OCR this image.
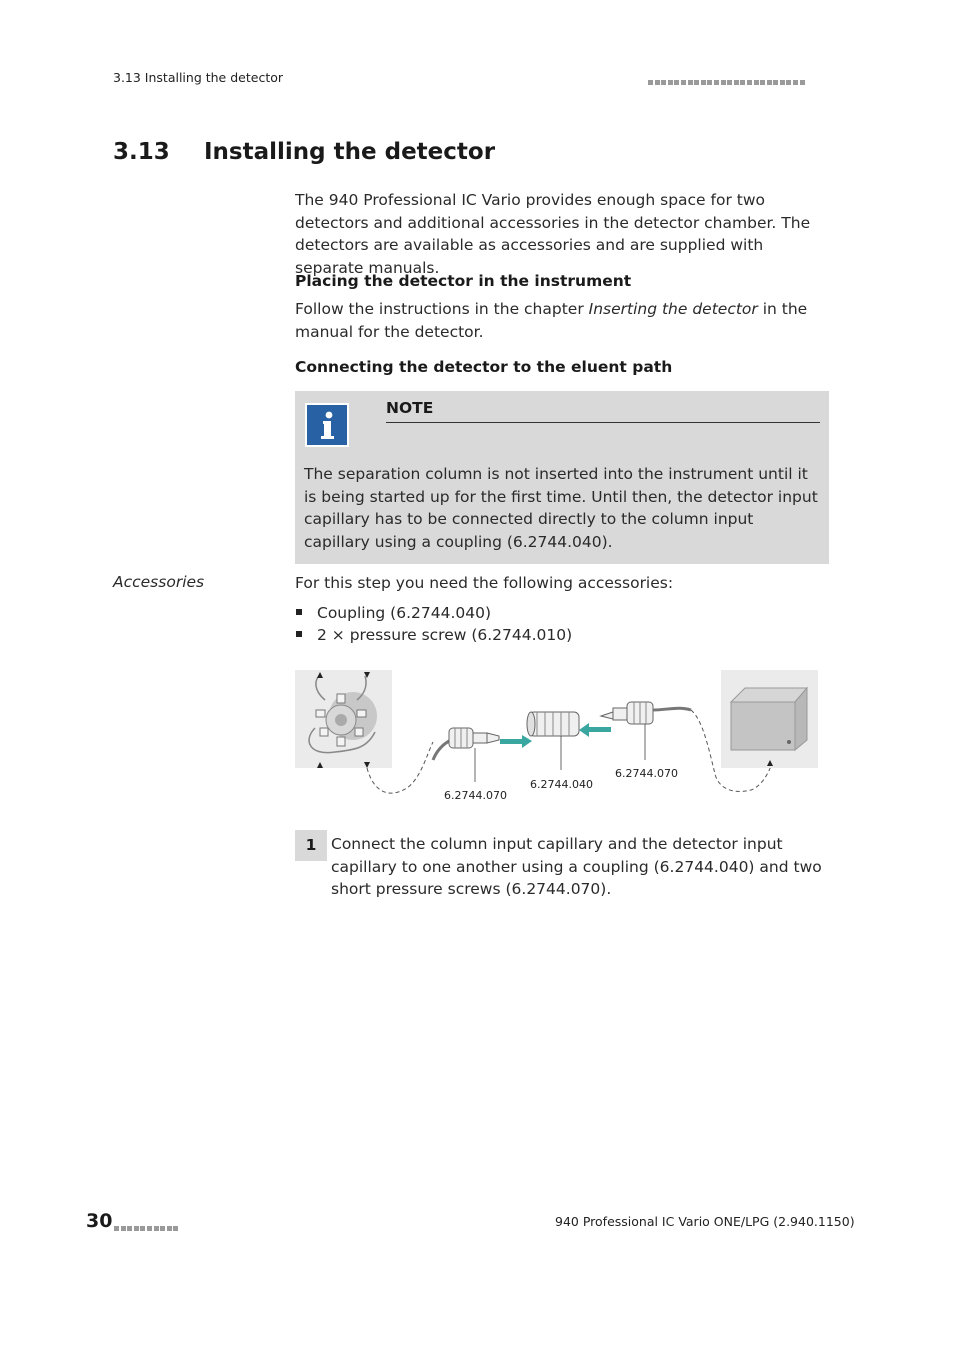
3.13 Installing the detector
3.13 Installing the detector
The 940 Professional IC Vario provides enough space for two detectors and additional accessories in the detector chamber. The detectors are available as accessories and are supplied with separate manuals.
Placing the detector in the instrument
Follow the instructions in the chapter Inserting the detector in the manual for the detector.
Connecting the detector to the eluent path
NOTE
The separation column is not inserted into the instrument until it is being started up for the first time. Until then, the detector input capillary has to be connected directly to the column input capillary using a coupling (6.2744.040).
Accessories	For this step you need the following accessories:
Coupling (6.2744.040)
2 × pressure screw (6.2744.010)
6.2744.070
6.2744.040
6.2744.070
1 Connect the column input capillary and the detector input capillary to one another using a coupling (6.2744.040) and two short pressure screws (6.2744.070).
30	940 Professional IC Vario ONE/LPG (2.940.1150)
